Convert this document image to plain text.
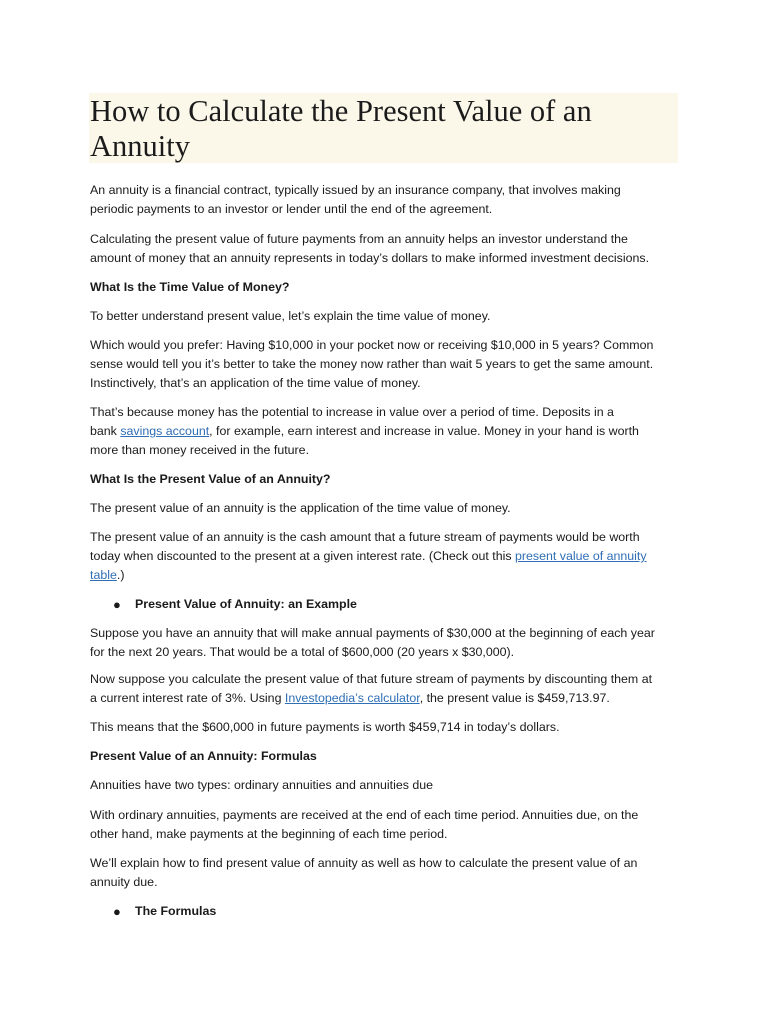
How to Calculate the Present Value of an
Annuity

An annuity is a financial contract, typically issued by an insurance company, that involves making
periodic payments to an investor or lender until the end of the agreement.

Calculating the present value of future payments from an annuity helps an investor understand the
amount of money that an annuity represents in today’s dollars to make informed investment decisions.

What Is the Time Value of Money?

To better understand present value, let’s explain the time value of money.

Which would you prefer: Having $10,000 in your pocket now or receiving $10,000 in 5 years? Common
sense would tell you it’s better to take the money now rather than wait 5 years to get the same amount.
Instinctively, that’s an application of the time value of money.

That’s because money has the potential to increase in value over a period of time. Deposits in a
bank savings account, for example, earn interest and increase in value. Money in your hand is worth
more than money received in the future.

What Is the Present Value of an Annuity?

The present value of an annuity is the application of the time value of money.

The present value of an annuity is the cash amount that a future stream of payments would be worth
today when discounted to the present at a given interest rate. (Check out this present value of annuity
table.)

● Present Value of Annuity: an Example

Suppose you have an annuity that will make annual payments of $30,000 at the beginning of each year
for the next 20 years. That would be a total of $600,000 (20 years x $30,000).

Now suppose you calculate the present value of that future stream of payments by discounting them at
a current interest rate of 3%. Using Investopedia’s calculator, the present value is $459,713.97.

This means that the $600,000 in future payments is worth $459,714 in today’s dollars.

Present Value of an Annuity: Formulas

Annuities have two types: ordinary annuities and annuities due

With ordinary annuities, payments are received at the end of each time period. Annuities due, on the
other hand, make payments at the beginning of each time period.

We’ll explain how to find present value of annuity as well as how to calculate the present value of an
annuity due.

● The Formulas
